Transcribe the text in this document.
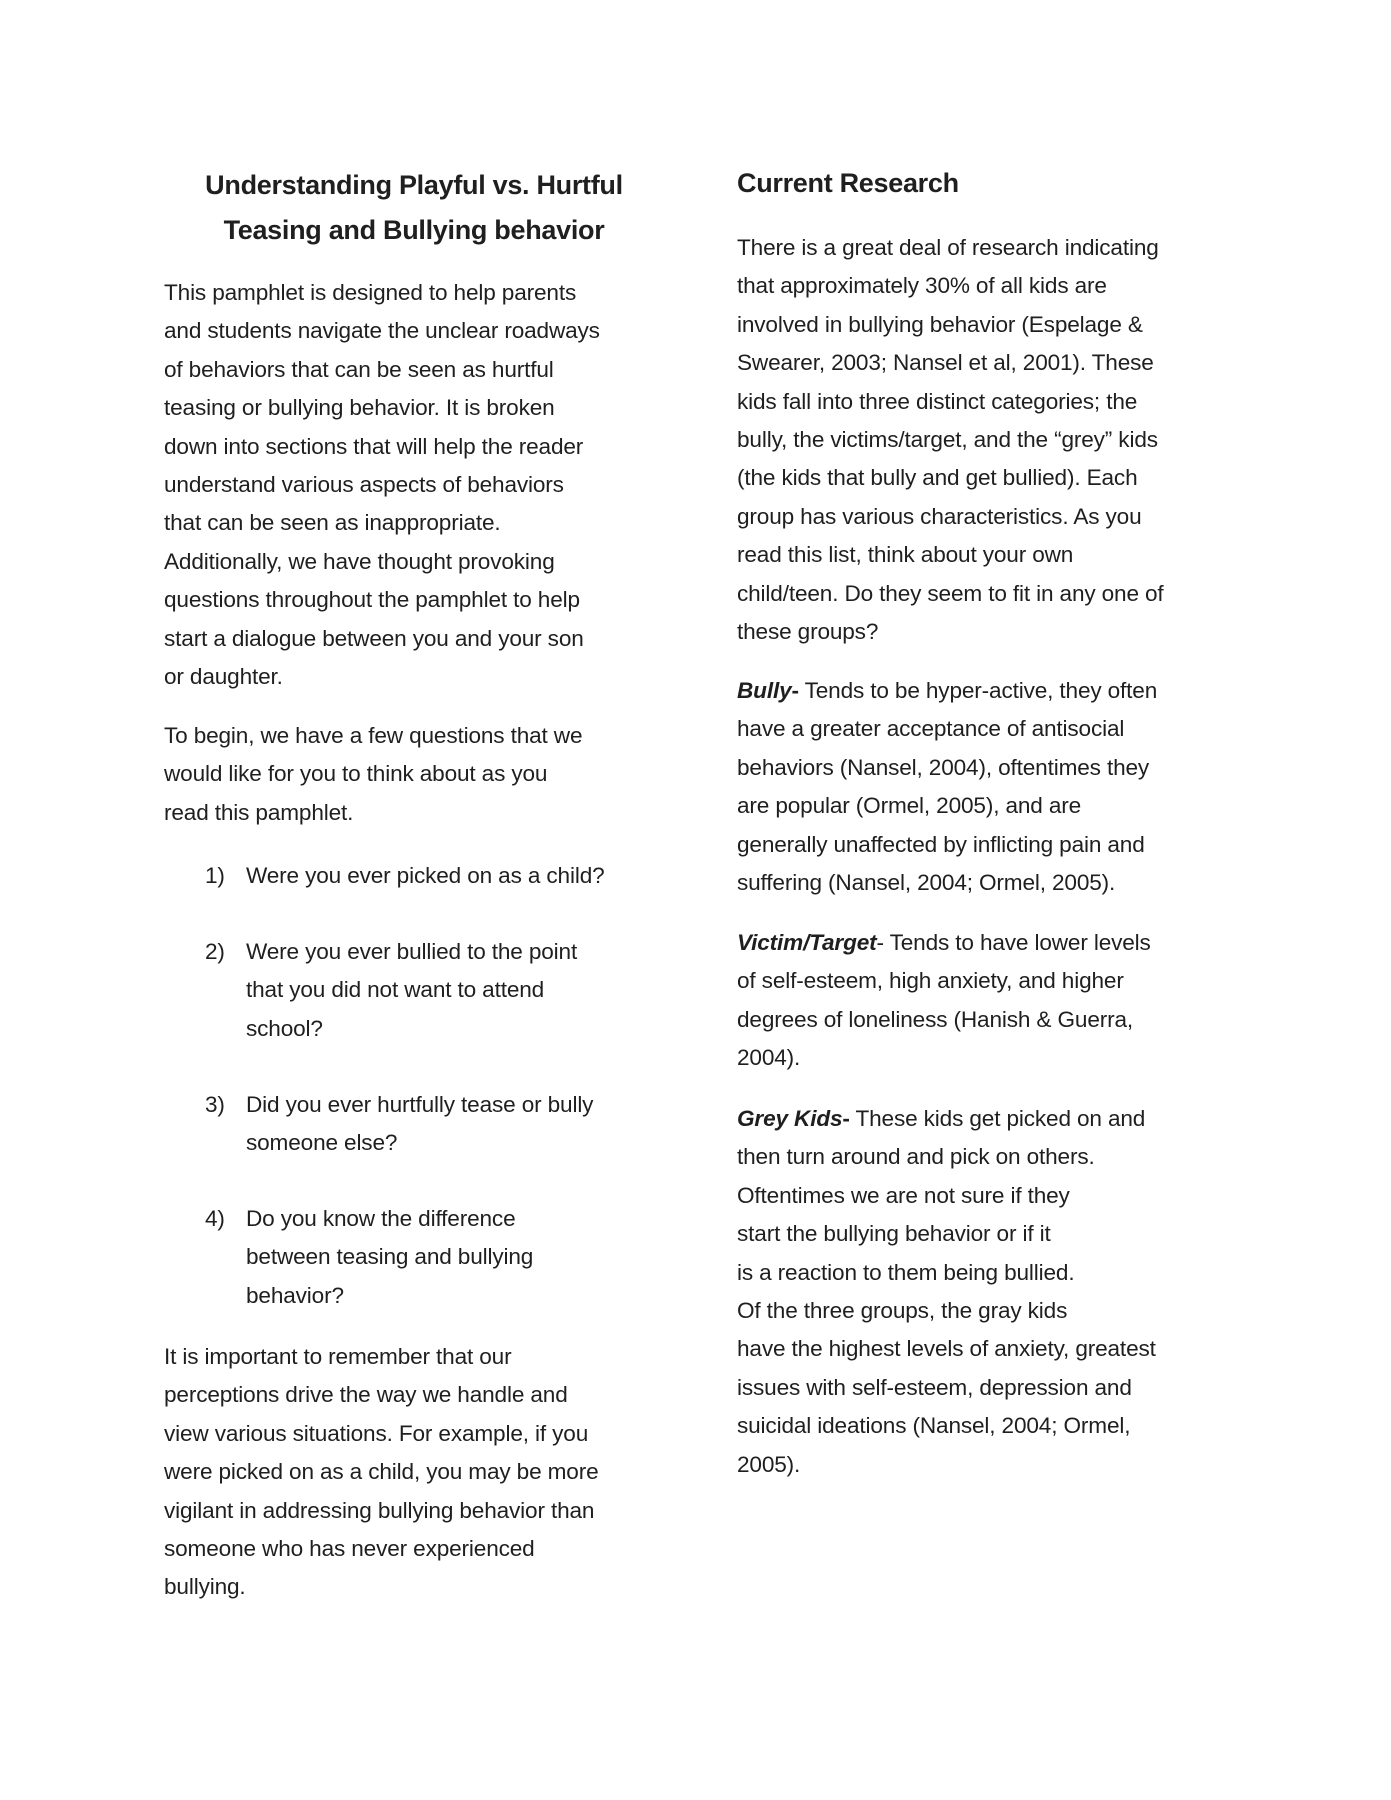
Understanding Playful vs. Hurtful
Teasing and Bullying behavior

This pamphlet is designed to help parents
and students navigate the unclear roadways
of behaviors that can be seen as hurtful
teasing or bullying behavior. It is broken
down into sections that will help the reader
understand various aspects of behaviors
that can be seen as inappropriate.
Additionally, we have thought provoking
questions throughout the pamphlet to help
start a dialogue between you and your son
or daughter.

To begin, we have a few questions that we
would like for you to think about as you
read this pamphlet.

1) Were you ever picked on as a child?
2) Were you ever bullied to the point
that you did not want to attend
school?
3) Did you ever hurtfully tease or bully
someone else?
4) Do you know the difference
between teasing and bullying
behavior?

It is important to remember that our
perceptions drive the way we handle and
view various situations. For example, if you
were picked on as a child, you may be more
vigilant in addressing bullying behavior than
someone who has never experienced
bullying.

Current Research

There is a great deal of research indicating
that approximately 30% of all kids are
involved in bullying behavior (Espelage &
Swearer, 2003; Nansel et al, 2001). These
kids fall into three distinct categories; the
bully, the victims/target, and the “grey” kids
(the kids that bully and get bullied). Each
group has various characteristics. As you
read this list, think about your own
child/teen. Do they seem to fit in any one of
these groups?

Bully- Tends to be hyper-active, they often
have a greater acceptance of antisocial
behaviors (Nansel, 2004), oftentimes they
are popular (Ormel, 2005), and are
generally unaffected by inflicting pain and
suffering (Nansel, 2004; Ormel, 2005).

Victim/Target- Tends to have lower levels
of self-esteem, high anxiety, and higher
degrees of loneliness (Hanish & Guerra,
2004).

Grey Kids- These kids get picked on and
then turn around and pick on others.
Oftentimes we are not sure if they
start the bullying behavior or if it
is a reaction to them being bullied.
Of the three groups, the gray kids
have the highest levels of anxiety, greatest
issues with self-esteem, depression and
suicidal ideations (Nansel, 2004; Ormel,
2005).
